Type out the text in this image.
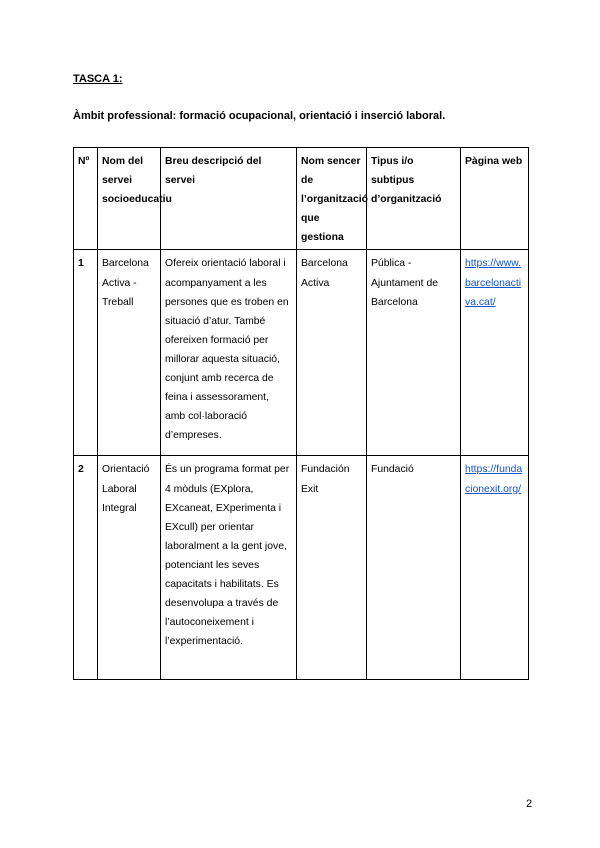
TASCA 1:

Àmbit professional: formació ocupacional, orientació i inserció laboral.

Nº	Nom del servei socioeducatiu	Breu descripció del servei	Nom sencer de l’organització que gestiona	Tipus i/o subtipus d’organització	Pàgina web
1	Barcelona Activa - Treball	Ofereix orientació laboral i acompanyament a les persones que es troben en situació d’atur. També ofereixen formació per millorar aquesta situació, conjunt amb recerca de feina i assessorament, amb col·laboració d’empreses.	Barcelona Activa	Pública - Ajuntament de Barcelona	https://www.barcelonactiva.cat/
2	Orientació Laboral Integral	És un programa format per 4 mòduls (EXplora, EXcaneat, EXperimenta i EXcull) per orientar laboralment a la gent jove, potenciant les seves capacitats i habilitats. Es desenvolupa a través de l’autoconeixement i l’experimentació.	Fundación Exit	Fundació	https://fundacionexit.org/
2
